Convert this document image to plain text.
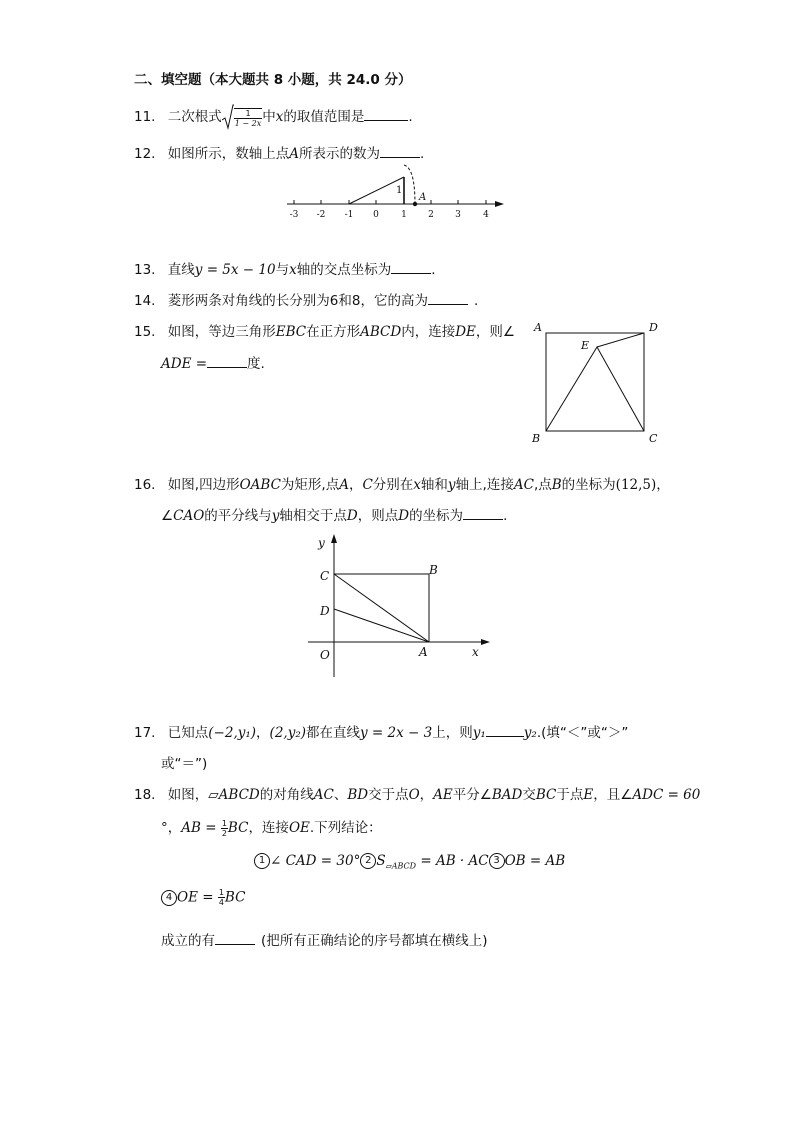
二、填空题（本大题共 8 小题，共 24.0 分）
11. 二次根式 $\frac{1}{1 - 2x}$ 中x的取值范围是	.
12. 如图所示，数轴上点A所表示的数为	.
-3 -2 -1 0 1 2 3 4
1
A
13. 直线y = 5x − 10与x轴的交点坐标为	.
14. 菱形两条对角线的长分别为6和8，它的高为	.
15. 如图，等边三角形EBC在正方形ABCD内，连接DE，则∠
ADE =	度.
A	D
E
B	C
16. 如图,四边形OABC为矩形,点A，C分别在x轴和y轴上,连接AC,点B的坐标为(12,5)，
∠CAO的平分线与y轴相交于点D，则点D的坐标为	.
y
x
C	B
D
O	A
17. 已知点(−2,y₁)，(2,y₂)都在直线y = 2x − 3上，则y₁	y₂.(填“＜”或“＞”
或“＝”)
18. 如图，▱ABCD的对角线AC、BD交于点O，AE平分∠BAD交BC于点E，且∠ADC = 60
°，AB = $\frac{1}{2}$ BC，连接OE.下列结论：
1 ∠ CAD = 30° 2 $S_{▱ABCD}$ = AB · AC 3 OB = AB
4 OE = $\frac{1}{4}$ BC
成立的有	(把所有正确结论的序号都填在横线上)
